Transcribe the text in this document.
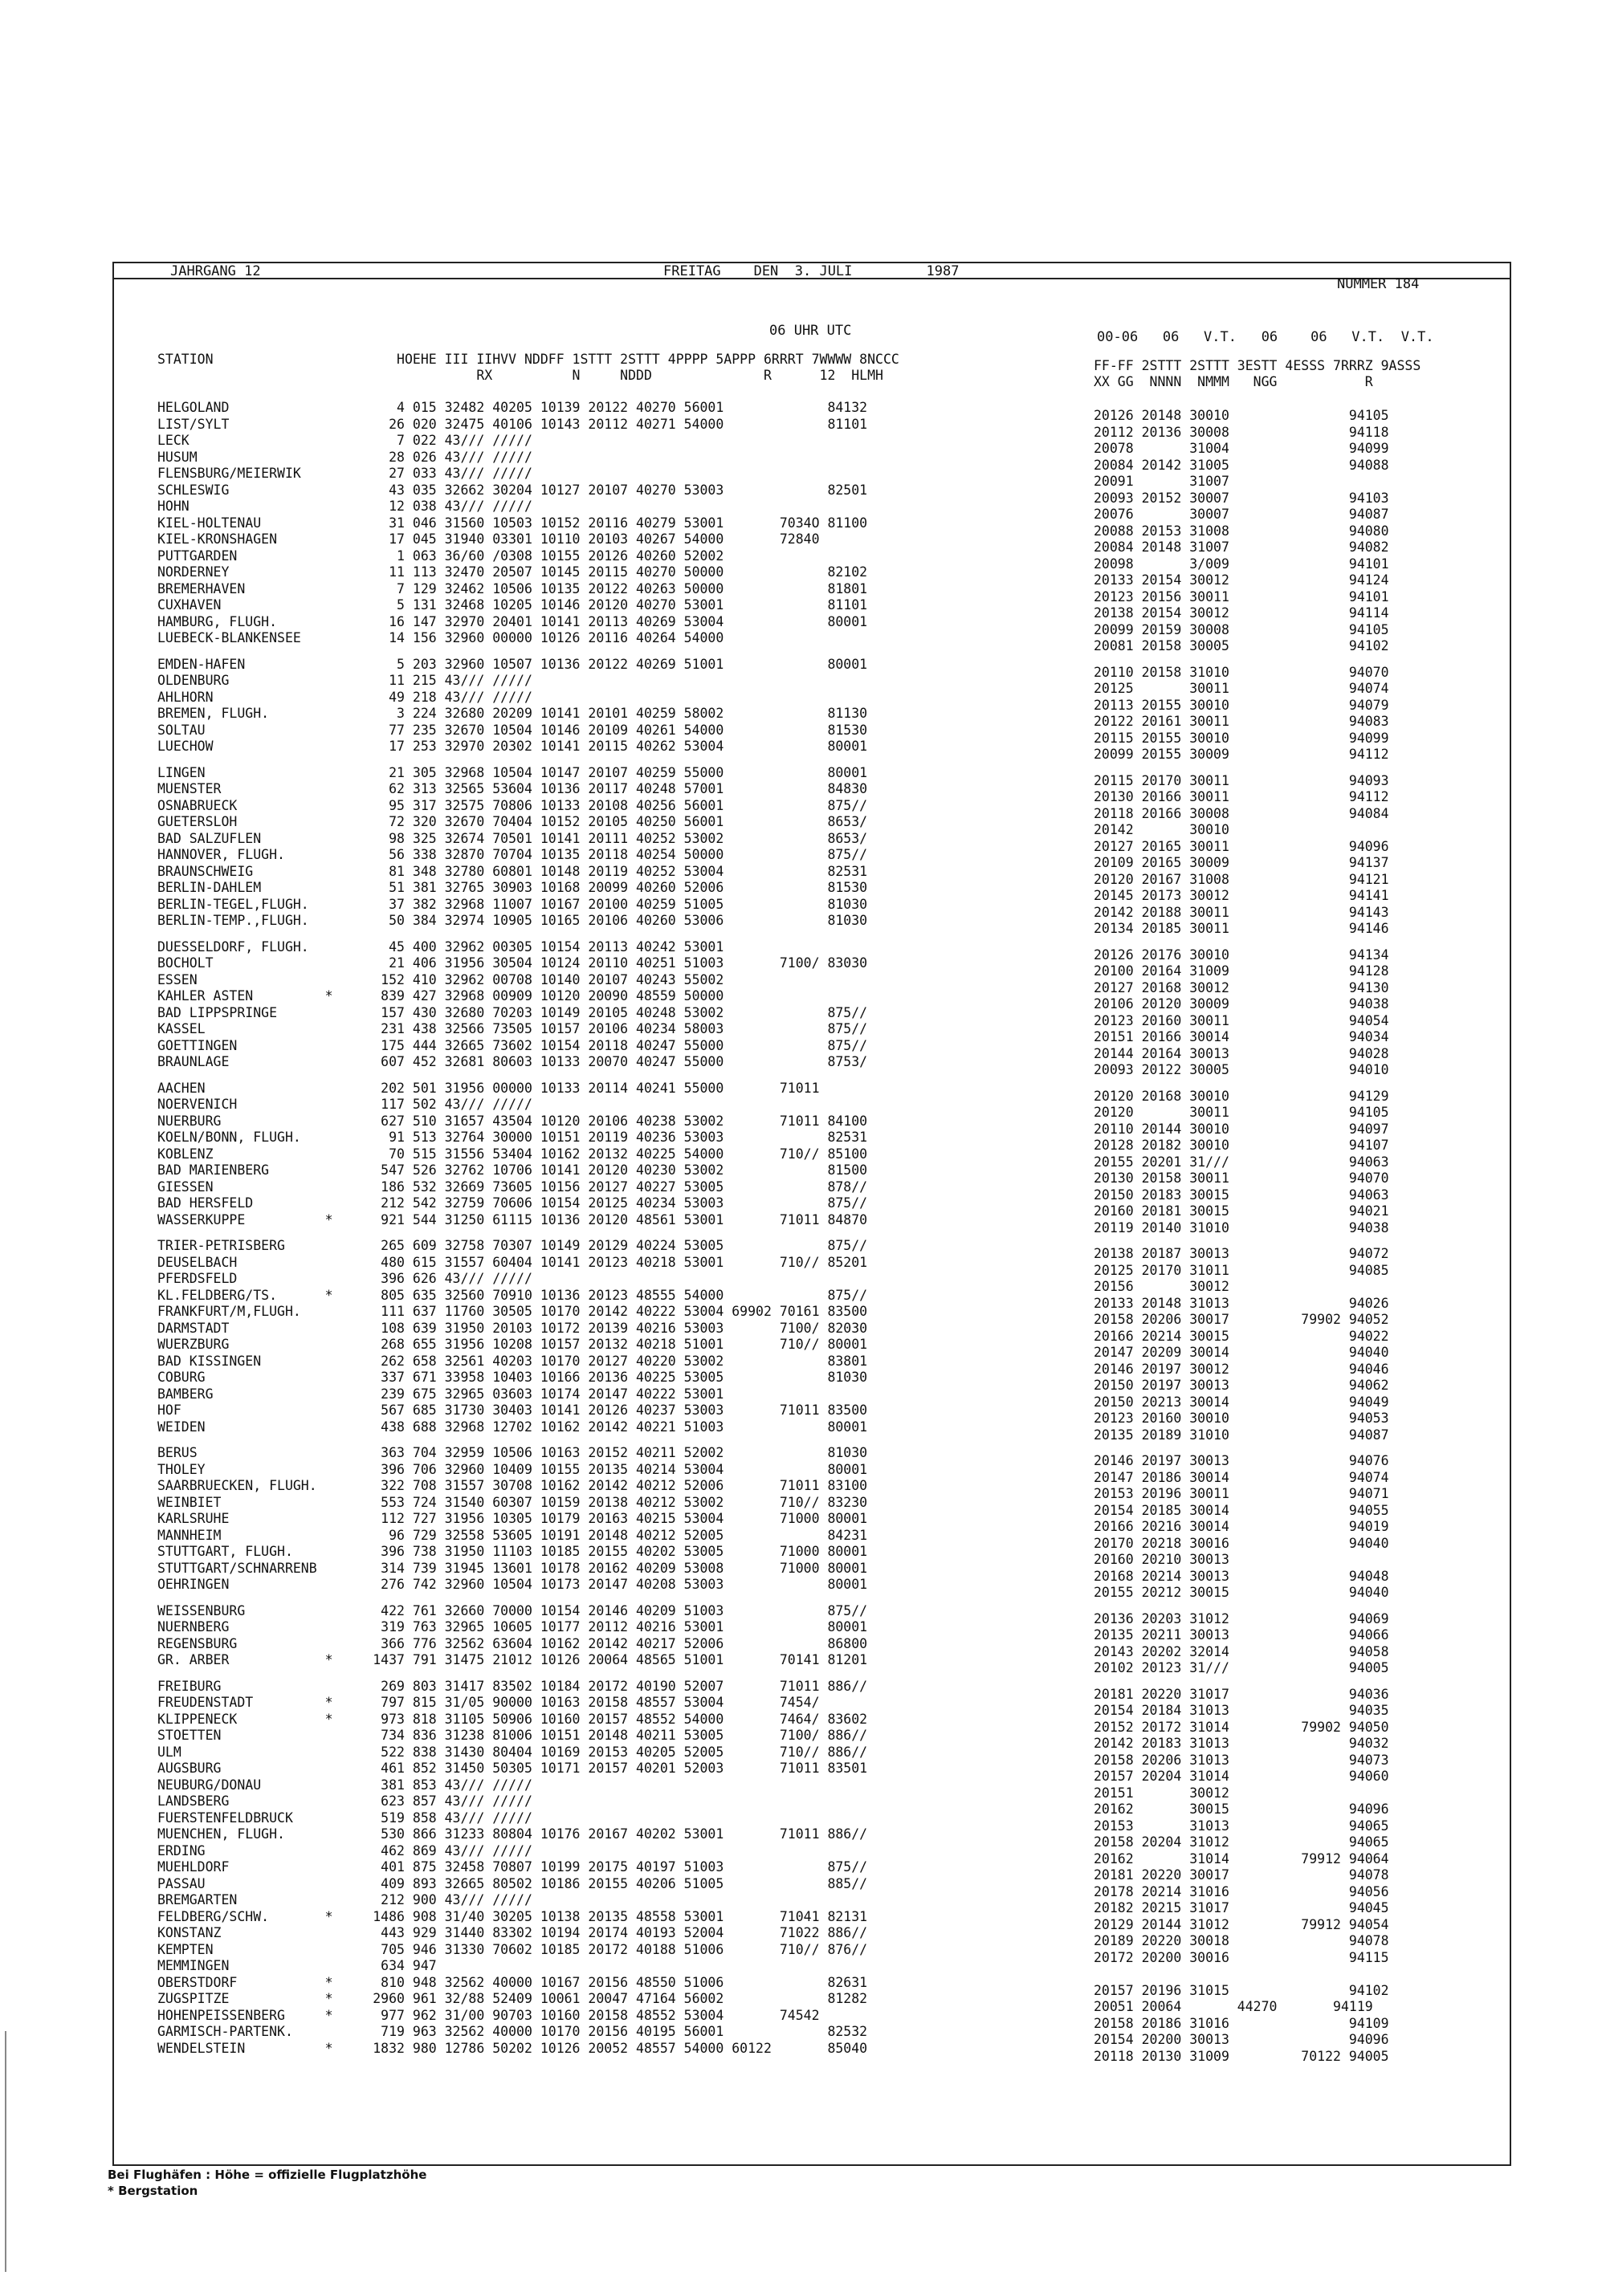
JAHRGANG 12	FREITAG    DEN  3. JULI         1987
NUMMER 184
06 UHR UTC	00-06   06   V.T.   06    06   V.T.  V.T.
STATION                       HOEHE III IIHVV NDDFF 1STTT 2STTT 4PPPP 5APPP 6RRRT 7WWWW 8NCCC
RX          N     NDDD              R      12  HLMH
FF-FF 2STTT 2STTT 3ESTT 4ESSS 7RRRZ 9ASSS
XX GG  NNNN  NMMM   NGG           R
HELGOLAND                     4 015 32482 40205 10139 20122 40270 56001             84132
LIST/SYLT                    26 020 32475 40106 10143 20112 40271 54000             81101
LECK                          7 022 43/// /////
HUSUM                        28 026 43/// /////
FLENSBURG/MEIERWIK           27 033 43/// /////
SCHLESWIG                    43 035 32662 30204 10127 20107 40270 53003             82501
HOHN                         12 038 43/// /////
KIEL-HOLTENAU                31 046 31560 10503 10152 20116 40279 53001       7034O 81100
KIEL-KRONSHAGEN              17 045 31940 03301 10110 20103 40267 54000       72840
PUTTGARDEN                    1 063 36/60 /0308 10155 20126 40260 52002
NORDERNEY                    11 113 32470 20507 10145 20115 40270 50000             82102
BREMERHAVEN                   7 129 32462 10506 10135 20122 40263 50000             81801
CUXHAVEN                      5 131 32468 10205 10146 20120 40270 53001             81101
HAMBURG, FLUGH.              16 147 32970 20401 10141 20113 40269 53004             80001
LUEBECK-BLANKENSEE           14 156 32960 00000 10126 20116 40264 54000
EMDEN-HAFEN                   5 203 32960 10507 10136 20122 40269 51001             80001
OLDENBURG                    11 215 43/// /////
AHLHORN                      49 218 43/// /////
BREMEN, FLUGH.                3 224 32680 20209 10141 20101 40259 58002             81130
SOLTAU                       77 235 32670 10504 10146 20109 40261 54000             81530
LUECHOW                      17 253 32970 20302 10141 20115 40262 53004             80001
LINGEN                       21 305 32968 10504 10147 20107 40259 55000             80001
MUENSTER                     62 313 32565 53604 10136 20117 40248 57001             84830
OSNABRUECK                   95 317 32575 70806 10133 20108 40256 56001             875//
GUETERSLOH                   72 320 32670 70404 10152 20105 40250 56001             8653/
BAD SALZUFLEN                98 325 32674 70501 10141 20111 40252 53002             8653/
HANNOVER, FLUGH.             56 338 32870 70704 10135 20118 40254 50000             875//
BRAUNSCHWEIG                 81 348 32780 60801 10148 20119 40252 53004             82531
BERLIN-DAHLEM                51 381 32765 30903 10168 20099 40260 52006             81530
BERLIN-TEGEL,FLUGH.          37 382 32968 11007 10167 20100 40259 51005             81030
BERLIN-TEMP.,FLUGH.          50 384 32974 10905 10165 20106 40260 53006             81030
DUESSELDORF, FLUGH.          45 400 32962 00305 10154 20113 40242 53001
BOCHOLT                      21 406 31956 30504 10124 20110 40251 51003       7100/ 83030
ESSEN                       152 410 32962 00708 10140 20107 40243 55002
KAHLER ASTEN         *      839 427 32968 00909 10120 20090 48559 50000
BAD LIPPSPRINGE             157 430 32680 70203 10149 20105 40248 53002             875//
KASSEL                      231 438 32566 73505 10157 20106 40234 58003             875//
GOETTINGEN                  175 444 32665 73602 10154 20118 40247 55000             875//
BRAUNLAGE                   607 452 32681 80603 10133 20070 40247 55000             8753/
AACHEN                      202 501 31956 00000 10133 20114 40241 55000       71011
NOERVENICH                  117 502 43/// /////
NUERBURG                    627 510 31657 43504 10120 20106 40238 53002       71011 84100
KOELN/BONN, FLUGH.           91 513 32764 30000 10151 20119 40236 53003             82531
KOBLENZ                      70 515 31556 53404 10162 20132 40225 54000       710// 85100
BAD MARIENBERG              547 526 32762 10706 10141 20120 40230 53002             81500
GIESSEN                     186 532 32669 73605 10156 20127 40227 53005             878//
BAD HERSFELD                212 542 32759 70606 10154 20125 40234 53003             875//
WASSERKUPPE          *      921 544 31250 61115 10136 20120 48561 53001       71011 84870
TRIER-PETRISBERG            265 609 32758 70307 10149 20129 40224 53005             875//
DEUSELBACH                  480 615 31557 60404 10141 20123 40218 53001       710// 85201
PFERDSFELD                  396 626 43/// /////
KL.FELDBERG/TS.      *      805 635 32560 70910 10136 20123 48555 54000             875//
FRANKFURT/M,FLUGH.          111 637 11760 30505 10170 20142 40222 53004 69902 70161 83500
DARMSTADT                   108 639 31950 20103 10172 20139 40216 53003       7100/ 82030
WUERZBURG                   268 655 31956 10208 10157 20132 40218 51001       710// 80001
BAD KISSINGEN               262 658 32561 40203 10170 20127 40220 53002             83801
COBURG                      337 671 33958 10403 10166 20136 40225 53005             81030
BAMBERG                     239 675 32965 03603 10174 20147 40222 53001
HOF                         567 685 31730 30403 10141 20126 40237 53003       71011 83500
WEIDEN                      438 688 32968 12702 10162 20142 40221 51003             80001
BERUS                       363 704 32959 10506 10163 20152 40211 52002             81030
THOLEY                      396 706 32960 10409 10155 20135 40214 53004             80001
SAARBRUECKEN, FLUGH.        322 708 31557 30708 10162 20142 40212 52006       71011 83100
WEINBIET                    553 724 31540 60307 10159 20138 40212 53002       710// 83230
KARLSRUHE                   112 727 31956 10305 10179 20163 40215 53004       71000 80001
MANNHEIM                     96 729 32558 53605 10191 20148 40212 52005             84231
STUTTGART, FLUGH.           396 738 31950 11103 10185 20155 40202 53005       71000 80001
STUTTGART/SCHNARRENB        314 739 31945 13601 10178 20162 40209 53008       71000 80001
OEHRINGEN                   276 742 32960 10504 10173 20147 40208 53003             80001
WEISSENBURG                 422 761 32660 70000 10154 20146 40209 51003             875//
NUERNBERG                   319 763 32965 10605 10177 20112 40216 53001             80001
REGENSBURG                  366 776 32562 63604 10162 20142 40217 52006             86800
GR. ARBER            *     1437 791 31475 21012 10126 20064 48565 51001       70141 81201
FREIBURG                    269 803 31417 83502 10184 20172 40190 52007       71011 886//
FREUDENSTADT         *      797 815 31/05 90000 10163 20158 48557 53004       7454/
KLIPPENECK           *      973 818 31105 50906 10160 20157 48552 54000       7464/ 83602
STOETTEN                    734 836 31238 81006 10151 20148 40211 53005       7100/ 886//
ULM                         522 838 31430 80404 10169 20153 40205 52005       710// 886//
AUGSBURG                    461 852 31450 50305 10171 20157 40201 52003       71011 83501
NEUBURG/DONAU               381 853 43/// /////
LANDSBERG                   623 857 43/// /////
FUERSTENFELDBRUCK           519 858 43/// /////
MUENCHEN, FLUGH.            530 866 31233 80804 10176 20167 40202 53001       71011 886//
ERDING                      462 869 43/// /////
MUEHLDORF                   401 875 32458 70807 10199 20175 40197 51003             875//
PASSAU                      409 893 32665 80502 10186 20155 40206 51005             885//
BREMGARTEN                  212 900 43/// /////
FELDBERG/SCHW.       *     1486 908 31/40 30205 10138 20135 48558 53001       71041 82131
KONSTANZ                    443 929 31440 83302 10194 20174 40193 52004       71022 886//
KEMPTEN                     705 946 31330 70602 10185 20172 40188 51006       710// 876//
MEMMINGEN                   634 947
OBERSTDORF           *      810 948 32562 40000 10167 20156 48550 51006             82631
ZUGSPITZE            *     2960 961 32/88 52409 10061 20047 47164 56002             81282
HOHENPEISSENBERG     *      977 962 31/00 90703 10160 20158 48552 53004       74542
GARMISCH-PARTENK.           719 963 32562 40000 10170 20156 40195 56001             82532
WENDELSTEIN          *     1832 980 12786 50202 10126 20052 48557 54000 60122       85040
20126 20148 30010               94105
20112 20136 30008               94118
20078       31004               94099
20084 20142 31005               94088
20091       31007
20093 20152 30007               94103
20076       30007               94087
20088 20153 31008               94080
20084 20148 31007               94082
20098       3/009               94101
20133 20154 30012               94124
20123 20156 30011               94101
20138 20154 30012               94114
20099 20159 30008               94105
20081 20158 30005               94102
20110 20158 31010               94070
20125       30011               94074
20113 20155 30010               94079
20122 20161 30011               94083
20115 20155 30010               94099
20099 20155 30009               94112
20115 20170 30011               94093
20130 20166 30011               94112
20118 20166 30008               94084
20142       30010
20127 20165 30011               94096
20109 20165 30009               94137
20120 20167 31008               94121
20145 20173 30012               94141
20142 20188 30011               94143
20134 20185 30011               94146
20126 20176 30010               94134
20100 20164 31009               94128
20127 20168 30012               94130
20106 20120 30009               94038
20123 20160 30011               94054
20151 20166 30014               94034
20144 20164 30013               94028
20093 20122 30005               94010
20120 20168 30010               94129
20120       30011               94105
20110 20144 30010               94097
20128 20182 30010               94107
20155 20201 31///               94063
20130 20158 30011               94070
20150 20183 30015               94063
20160 20181 30015               94021
20119 20140 31010               94038
20138 20187 30013               94072
20125 20170 31011               94085
20156       30012
20133 20148 31013               94026
20158 20206 30017         79902 94052
20166 20214 30015               94022
20147 20209 30014               94040
20146 20197 30012               94046
20150 20197 30013               94062
20150 20213 30014               94049
20123 20160 30010               94053
20135 20189 31010               94087
20146 20197 30013               94076
20147 20186 30014               94074
20153 20196 30011               94071
20154 20185 30014               94055
20166 20216 30014               94019
20170 20218 30016               94040
20160 20210 30013
20168 20214 30013               94048
20155 20212 30015               94040
20136 20203 31012               94069
20135 20211 30013               94066
20143 20202 32014               94058
20102 20123 31///               94005
20181 20220 31017               94036
20154 20184 31013               94035
20152 20172 31014         79902 94050
20142 20183 31013               94032
20158 20206 31013               94073
20157 20204 31014               94060
20151       30012
20162       30015               94096
20153       31013               94065
20158 20204 31012               94065
20162       31014         79912 94064
20181 20220 30017               94078
20178 20214 31016               94056
20182 20215 31017               94045
20129 20144 31012         79912 94054
20189 20220 30018               94078
20172 20200 30016               94115
20157 20196 31015               94102
20051 20064       44270       94119
20158 20186 31016               94109
20154 20200 30013               94096
20118 20130 31009         70122 94005
Bei Flughäfen : Höhe = offizielle Flugplatzhöhe
* Bergstation
